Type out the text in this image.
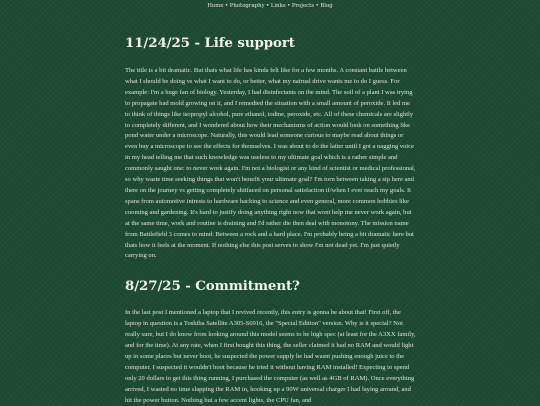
Home • Photography • Links • Projects • Blog
11/24/25 - Life support

The title is a bit dramatic. But thats what life has kinda felt like for a few months. A constant battle between what I should be doing vs what I want to do, or better, what my natrual drive wants me to do I guess. For example: I'm a huge fan of biology. Yesterday, I had disinfectants on the mind. The soil of a plant I was trying to propagate had mold growing on it, and I remedied the situation with a small amount of peroxide. It led me to think of things like isopropyl alcohol, pure ethanol, iodine, peroxide, etc. All of these chemicals are slightly to completely different, and I wondered about how their mechanisms of action would look on something like pond water under a microscope. Naturally, this would lead someone curious to maybe read about things or even buy a microscope to see the effects for themselves. I was about to do the latter until I got a nagging voice in my head telling me that such knowledge was useless to my ultimate goal which is a rather simple and commonly saught one: to never work again. I'm not a biologist or any kind of scientist or medical professional, so why waste time seeking things that won't benefit your ultimate goal? I'm torn between taking a sip here and there on the journey vs getting completely shitfaced on personal satisfaction if/when I ever reach my goals. It spans from automotive intrests to hardware hacking to science and even general, more common hobbies like cooming and gardening. It's hard to justify doing anything right now that wont help me never work again, but at the same time, work and routine is draining and I'd rather die then deal with monotony. The mission name from Battlefield 3 comes to mind: Between a rock and a hard place. I'm probably being a bit dramatic here but thats how it feels at the moment. If nothing else this post serves to show I'm not dead yet. I'm just quietly carrying on.

8/27/25 - Commitment?

In the last post I mentioned a laptop that I revived recently, this entry is gonna be about that! First off, the laptop in question is a Toshiba Satellite A305-S6916, the "Special Edition" version. Why is it special? Not really sure, but I do know from looking around this model seems to be high spec (at least for the A3XX family, and for the time). At any rate, when I first bought this thing, the seller claimed it had no RAM and would light up in some places but never boot, he suspected the power supply he had wasnt pushing enough juice to the computer. I suspected it wouldn't boot because he tried it without having RAM installed! Expecting to spend only 20 dollars to get this thing running, I purchased the computer (as well as 4GB of RAM). Once everything arrived, I wasted no time slapping the RAM in, hooking up a 90W universal charger I had laying around, and hit the power button. Nothing but a few accent lights, the CPU fan, and
